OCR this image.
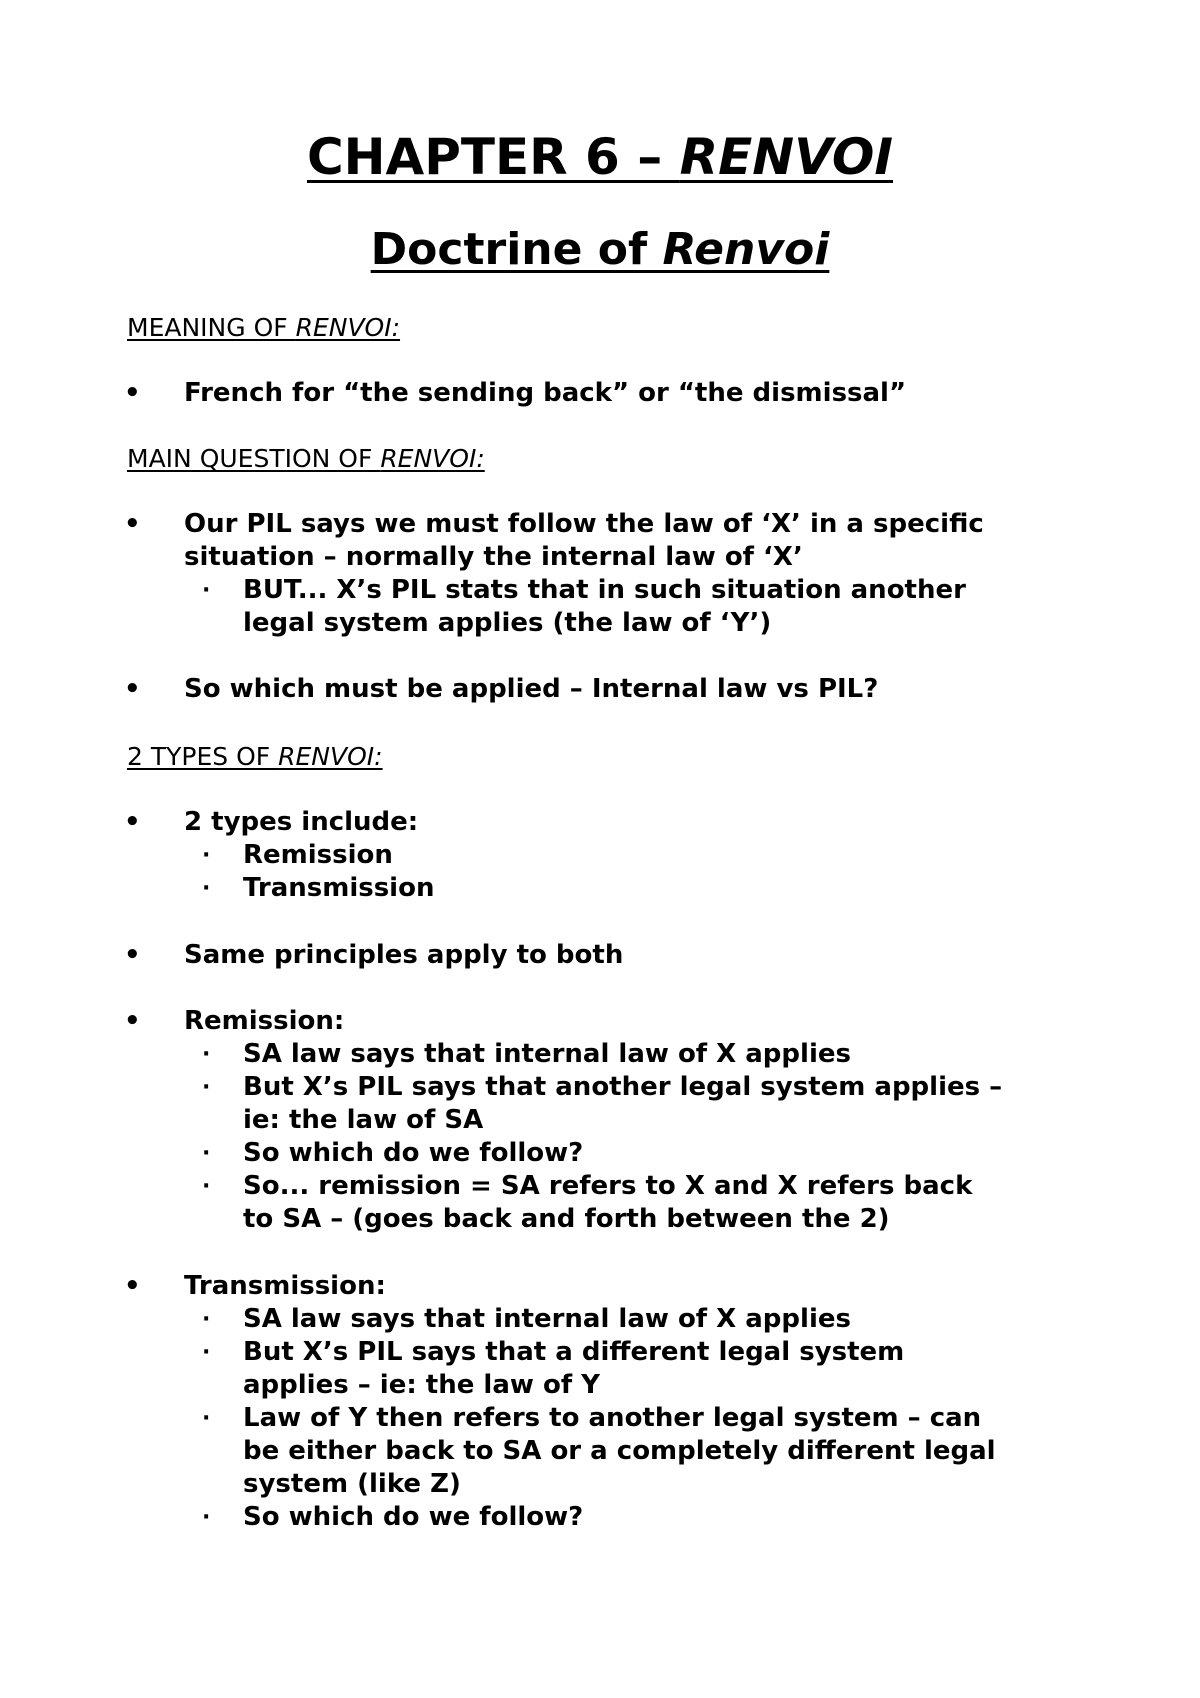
CHAPTER 6 – RENVOI
Doctrine of Renvoi
MEANING OF RENVOI:
• French for “the sending back” or “the dismissal”
MAIN QUESTION OF RENVOI:
• Our PIL says we must follow the law of ‘X’ in a specific
situation – normally the internal law of ‘X’
· BUT... X’s PIL stats that in such situation another
legal system applies (the law of ‘Y’)
• So which must be applied – Internal law vs PIL?
2 TYPES OF RENVOI:
• 2 types include:
· Remission
· Transmission
• Same principles apply to both
• Remission:
· SA law says that internal law of X applies
· But X’s PIL says that another legal system applies –
ie: the law of SA
· So which do we follow?
· So... remission = SA refers to X and X refers back
to SA – (goes back and forth between the 2)
• Transmission:
· SA law says that internal law of X applies
· But X’s PIL says that a different legal system
applies – ie: the law of Y
· Law of Y then refers to another legal system – can
be either back to SA or a completely different legal
system (like Z)
· So which do we follow?
